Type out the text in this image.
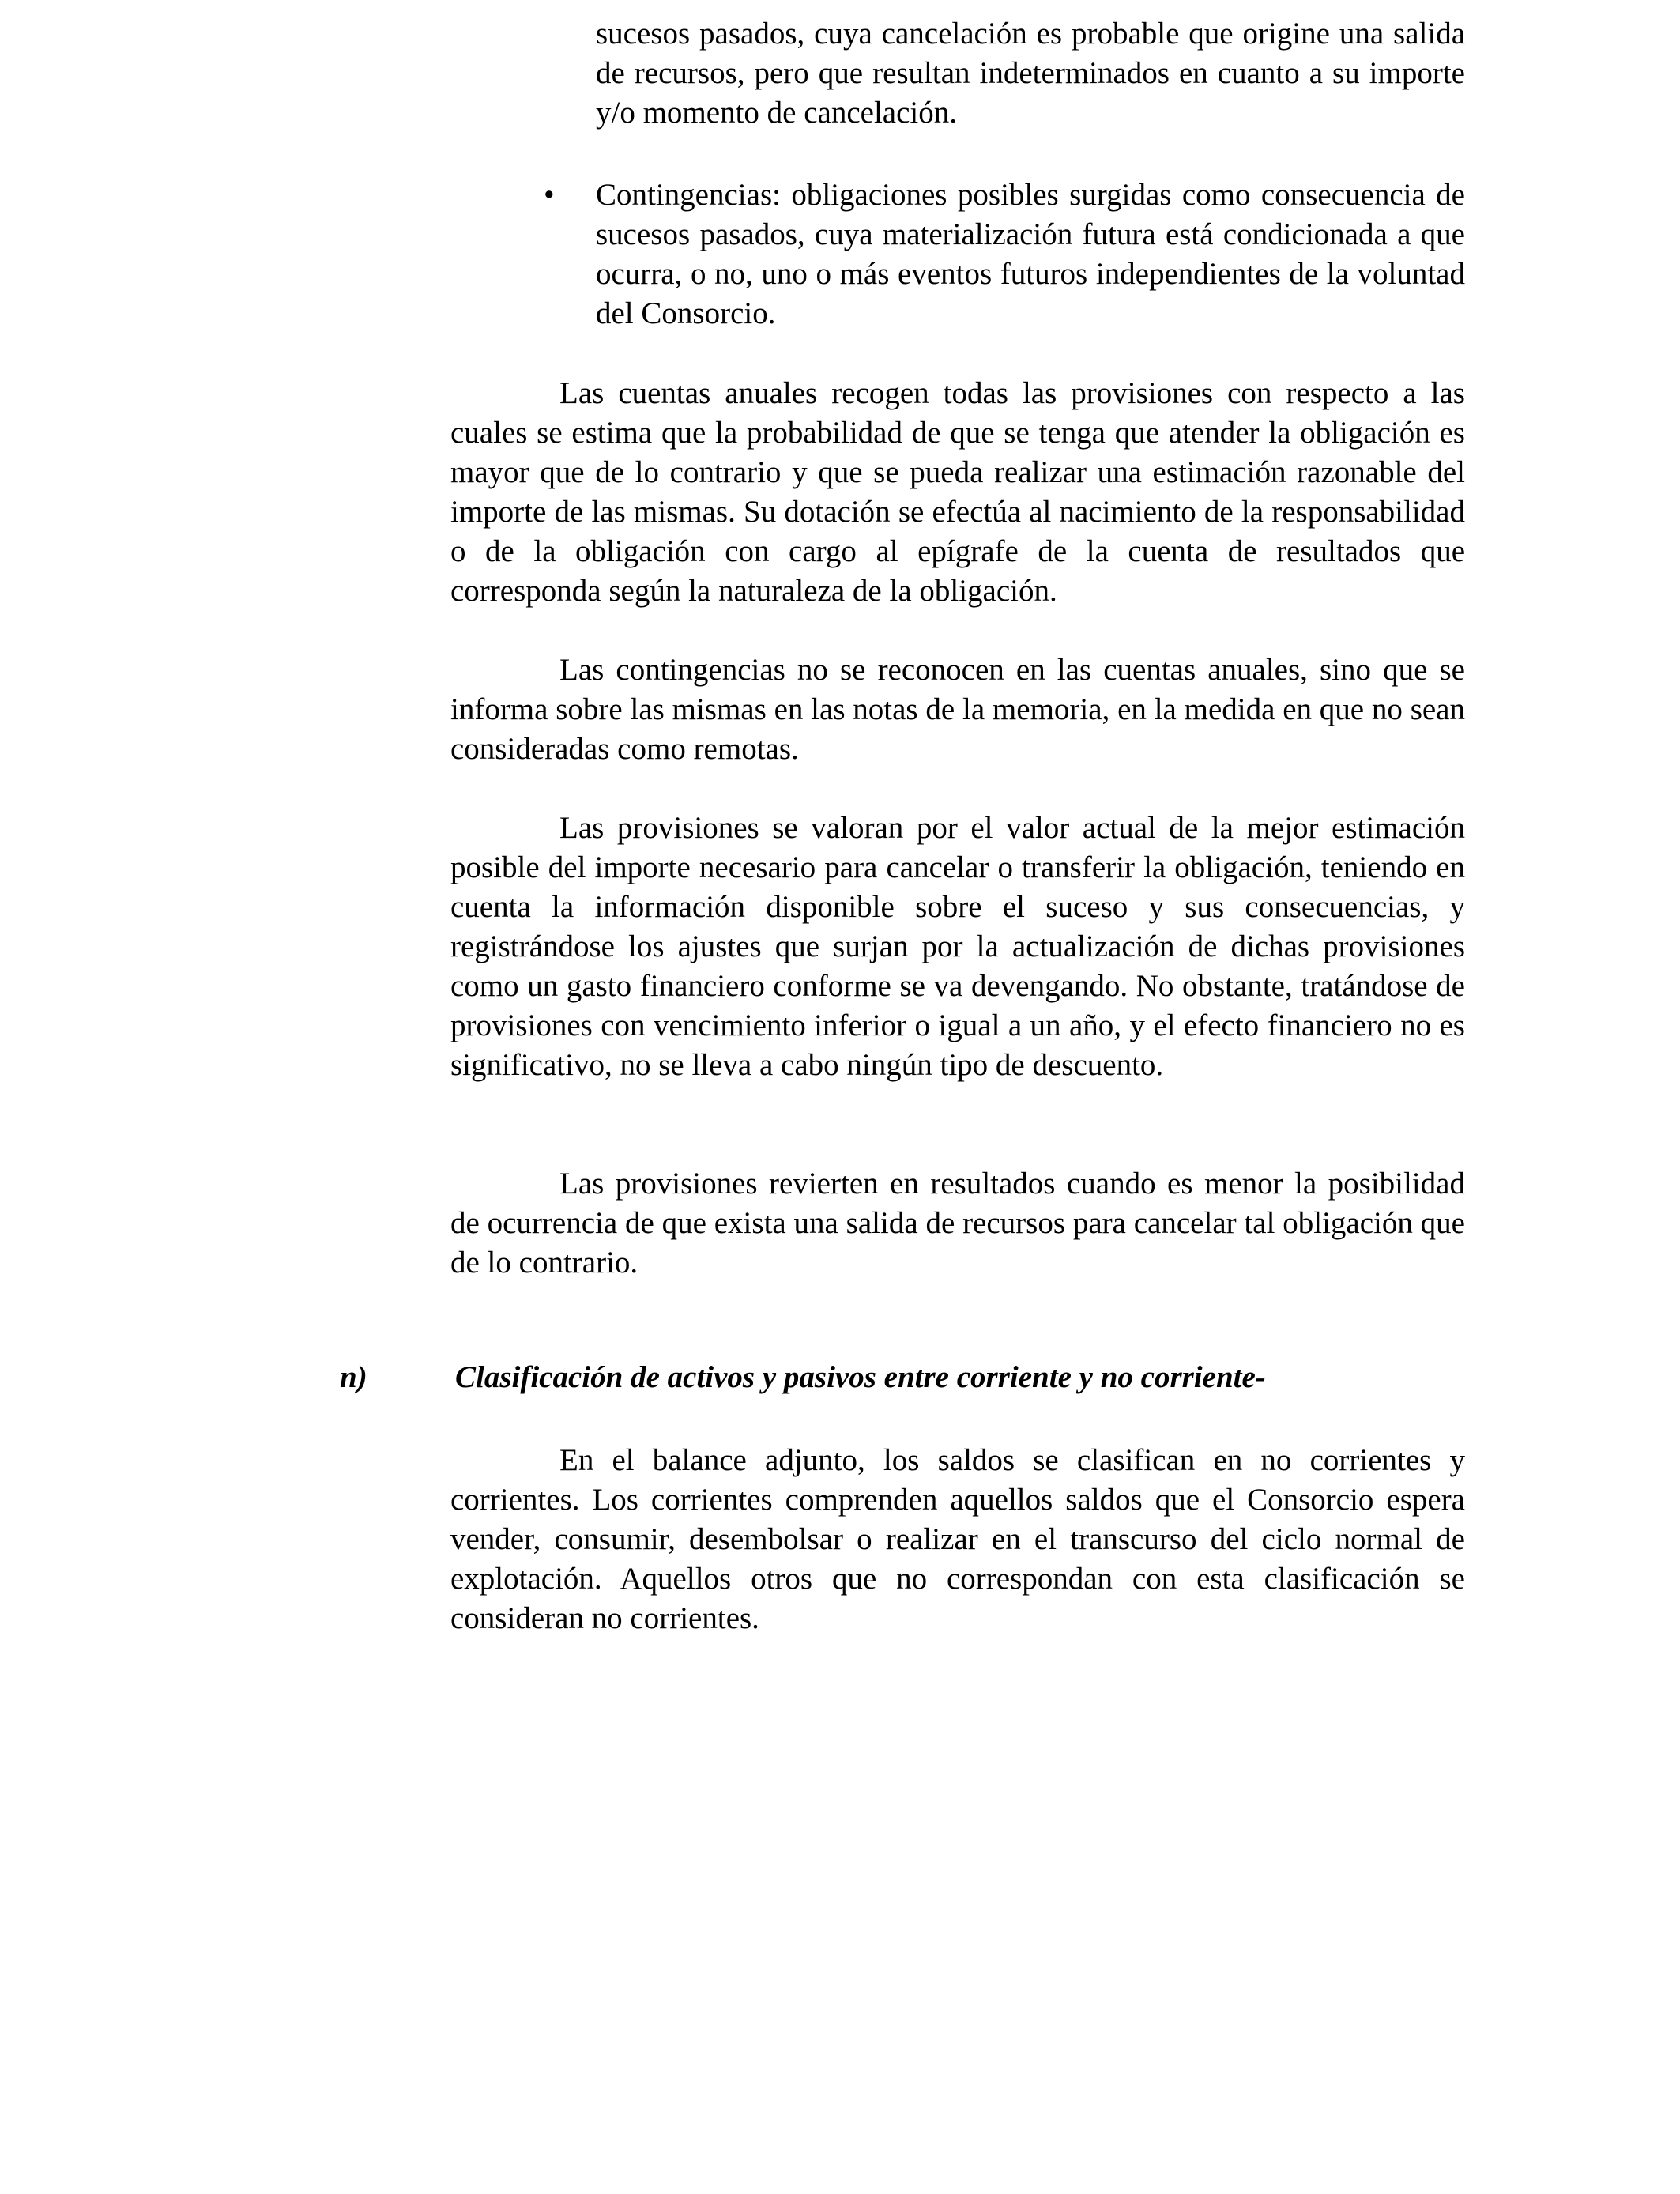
sucesos pasados, cuya cancelación es probable que origine una salida de recursos, pero que resultan indeterminados en cuanto a su importe y/o momento de cancelación.
• Contingencias: obligaciones posibles surgidas como consecuencia de sucesos pasados, cuya materialización futura está condicionada a que ocurra, o no, uno o más eventos futuros independientes de la voluntad del Consorcio.
Las cuentas anuales recogen todas las provisiones con respecto a las cuales se estima que la probabilidad de que se tenga que atender la obligación es mayor que de lo contrario y que se pueda realizar una estimación razonable del importe de las mismas. Su dotación se efectúa al nacimiento de la responsabilidad o de la obligación con cargo al epígrafe de la cuenta de resultados que corresponda según la naturaleza de la obligación.
Las contingencias no se reconocen en las cuentas anuales, sino que se informa sobre las mismas en las notas de la memoria, en la medida en que no sean consideradas como remotas.
Las provisiones se valoran por el valor actual de la mejor estimación posible del importe necesario para cancelar o transferir la obligación, teniendo en cuenta la información disponible sobre el suceso y sus consecuencias, y registrándose los ajustes que surjan por la actualización de dichas provisiones como un gasto financiero conforme se va devengando. No obstante, tratándose de provisiones con vencimiento inferior o igual a un año, y el efecto financiero no es significativo, no se lleva a cabo ningún tipo de descuento.
Las provisiones revierten en resultados cuando es menor la posibilidad de ocurrencia de que exista una salida de recursos para cancelar tal obligación que de lo contrario.
n)	Clasificación de activos y pasivos entre corriente y no corriente-
En el balance adjunto, los saldos se clasifican en no corrientes y corrientes. Los corrientes comprenden aquellos saldos que el Consorcio espera vender, consumir, desembolsar o realizar en el transcurso del ciclo normal de explotación. Aquellos otros que no correspondan con esta clasificación se consideran no corrientes.
